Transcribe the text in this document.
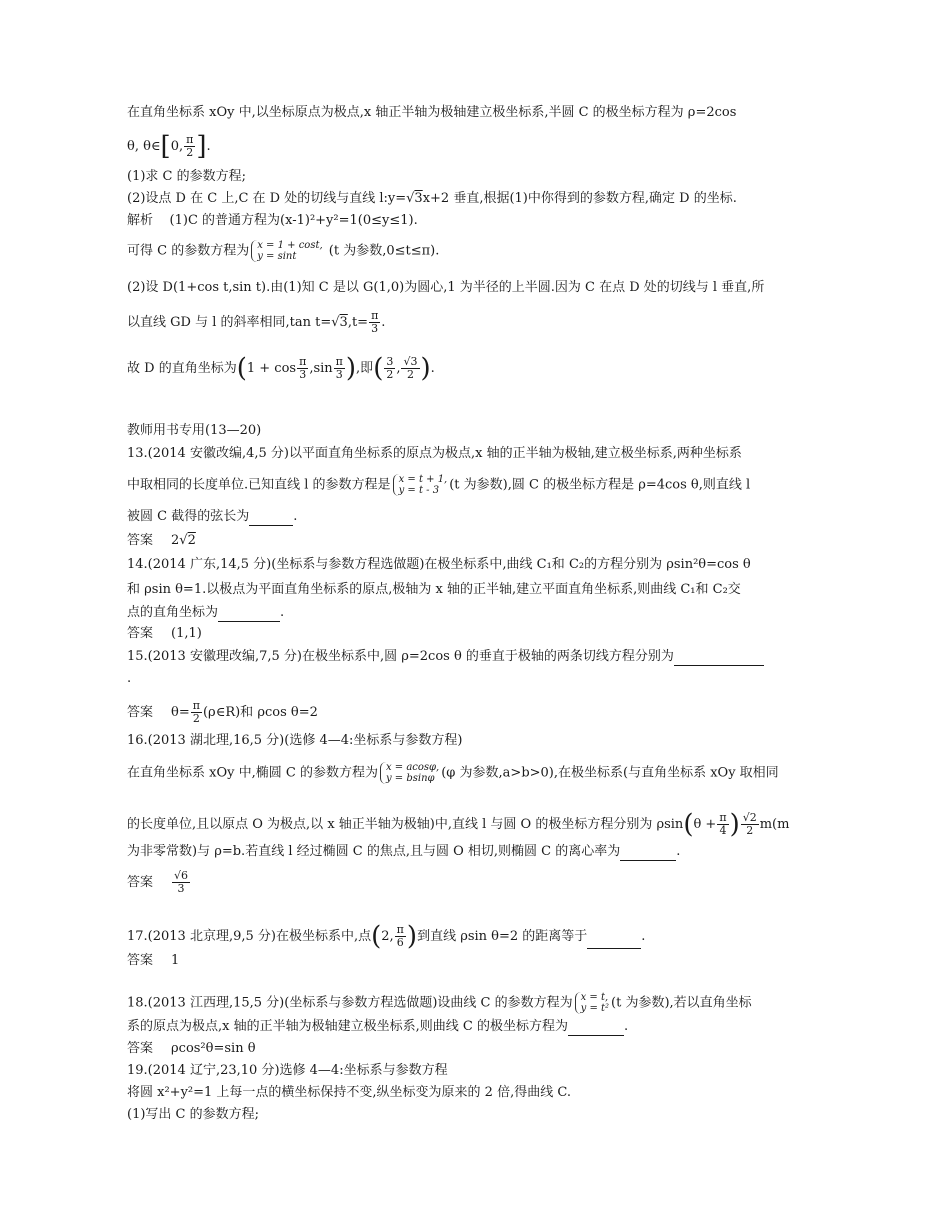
在直角坐标系 xOy 中,以坐标原点为极点,x 轴正半轴为极轴建立极坐标系,半圆 C 的极坐标方程为 ρ=2cos
θ, θ∈[0, $\frac{\pi}{2}$ ].
(1)求 C 的参数方程;
(2)设点 D 在 C 上,C 在 D 处的切线与直线 l:y=√3x+2 垂直,根据(1)中你得到的参数方程,确定 D 的坐标.
解析 (1)C 的普通方程为(x-1)²+y²=1(0≤y≤1).
可得 C 的参数方程为 x = 1 + cost,
y = sint	(t 为参数,0≤t≤π).
(2)设 D(1+cos t,sin t).由(1)知 C 是以 G(1,0)为圆心,1 为半径的上半圆.因为 C 在点 D 处的切线与 l 垂直,所
以直线 GD 与 l 的斜率相同,tan $t=√3,t= \frac{\pi}{3}$ .
故 D 的直角坐标为($1 + \cos \frac{\pi}{3} ,\sin \frac{\pi}{3}$ ),即( $\frac{3}{2}$ , $\frac{√3}{2}$ ).
教师用书专用(13—20)
13.(2014 安徽改编,4,5 分)以平面直角坐标系的原点为极点,x 轴的正半轴为极轴,建立极坐标系,两种坐标系
中取相同的长度单位.已知直线 l 的参数方程是 x = t + 1,
y = t - 3 (t 为参数),圆 C 的极坐标方程是 ρ=4cos θ,则直线 l
被圆 C 截得的弦长为	.
答案 2√2
14.(2014 广东,14,5 分)(坐标系与参数方程选做题)在极坐标系中,曲线 C₁和 C₂的方程分别为 ρsin²θ=cos θ
和 ρsin θ=1.以极点为平面直角坐标系的原点,极轴为 x 轴的正半轴,建立平面直角坐标系,则曲线 C₁和 C₂交
点的直角坐标为	.
答案 (1,1)
15.(2013 安徽理改编,7,5 分)在极坐标系中,圆 ρ=2cos θ 的垂直于极轴的两条切线方程分别为
.
答案 $\theta= \frac{\pi}{2}$ (ρ∈R)和 ρcos θ=2
16.(2013 湖北理,16,5 分)(选修 4—4:坐标系与参数方程)
在直角坐标系 xOy 中,椭圆 C 的参数方程为 x = acosφ,
y = bsinφ (φ 为参数,a>b>0),在极坐标系(与直角坐标系 xOy 取相同
的长度单位,且以原点 O 为极点,以 x 轴正半轴为极轴)中,直线 l 与圆 O 的极坐标方程分别为 $\rho\sin(\theta + \frac{\pi}{4}$ ) $\frac{√2}{2} m(m$
为非零常数)与 ρ=b.若直线 l 经过椭圆 C 的焦点,且与圆 O 相切,则椭圆 C 的离心率为	.
答案 $\frac{√6}{3}$
17.(2013 北京理,9,5 分)在极坐标系中,点(2, $\frac{\pi}{6}$ )到直线 ρsin θ=2 的距离等于	.
答案 1
18.(2013 江西理,15,5 分)(坐标系与参数方程选做题)设曲线 C 的参数方程为 x = t,
y = t² (t 为参数),若以直角坐标
系的原点为极点,x 轴的正半轴为极轴建立极坐标系,则曲线 C 的极坐标方程为	.
答案 ρcos²θ=sin θ
19.(2014 辽宁,23,10 分)选修 4—4:坐标系与参数方程
将圆 x²+y²=1 上每一点的横坐标保持不变,纵坐标变为原来的 2 倍,得曲线 C.
(1)写出 C 的参数方程;
